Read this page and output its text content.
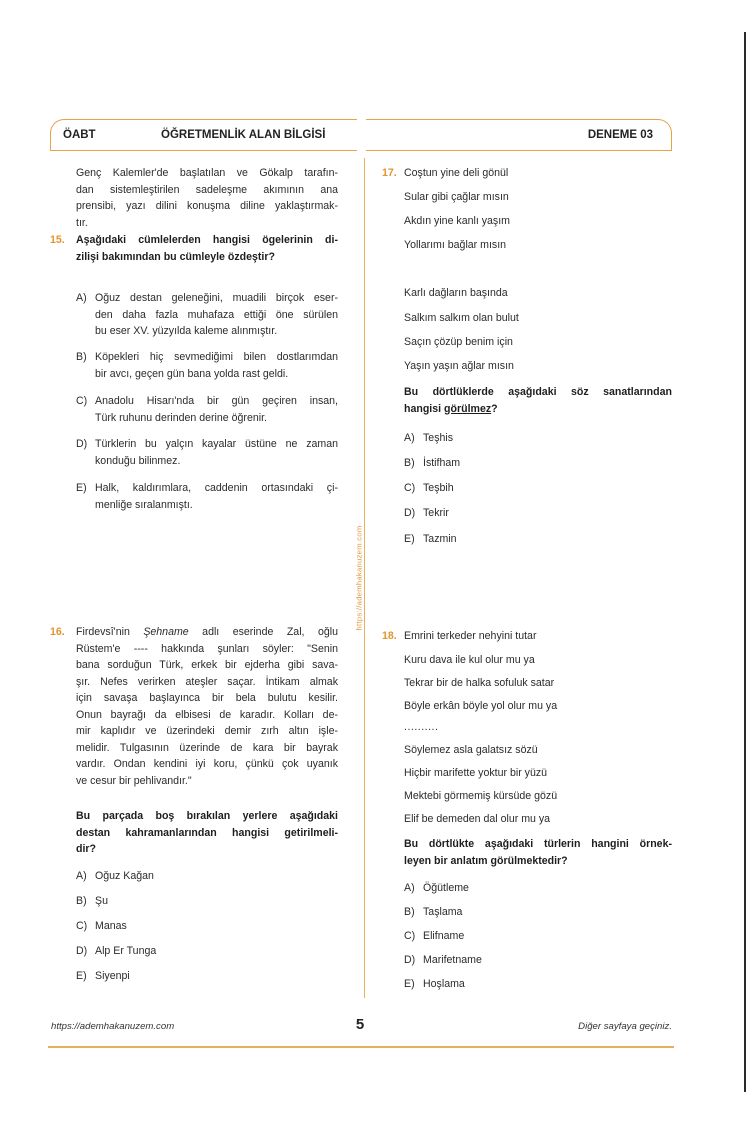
ÖABT	ÖĞRETMENLİK ALAN BİLGİSİ	DENEME 03
https://ademhakanuzem.com
Genç Kalemler'de başlatılan ve Gökalp tarafın-
dan sistemleştirilen sadeleşme akımının ana
prensibi, yazı dilini konuşma diline yaklaştırmak-
tır.
15. Aşağıdaki cümlelerden hangisi ögelerinin di-
zilişi bakımından bu cümleyle özdeştir?
A) Oğuz destan geleneğini, muadili birçok eser-
den daha fazla muhafaza ettiği öne sürülen
bu eser XV. yüzyılda kaleme alınmıştır.
B) Köpekleri hiç sevmediğimi bilen dostlarımdan
bir avcı, geçen gün bana yolda rast geldi.
C) Anadolu Hisarı'nda bir gün geçiren insan,
Türk ruhunu derinden derine öğrenir.
D) Türklerin bu yalçın kayalar üstüne ne zaman
konduğu bilinmez.
E) Halk, kaldırımlara, caddenin ortasındaki çi-
menliğe sıralanmıştı.
16. Firdevsî'nin Şehname adlı eserinde Zal, oğlu
Rüstem'e ---- hakkında şunları söyler: "Senin
bana sorduğun Türk, erkek bir ejderha gibi sava-
şır. Nefes verirken ateşler saçar. İntikam almak
için savaşa başlayınca bir bela bulutu kesilir.
Onun bayrağı da elbisesi de karadır. Kolları de-
mir kaplıdır ve üzerindeki demir zırh altın işle-
melidir. Tulgasının üzerinde de kara bir bayrak
vardır. Ondan kendini iyi koru, çünkü çok uyanık
ve cesur bir pehlivandır."
Bu parçada boş bırakılan yerlere aşağıdaki
destan kahramanlarından hangisi getirilmeli-
dir?
A) Oğuz Kağan
B) Şu
C) Manas
D) Alp Er Tunga
E) Siyenpi
17. Coştun yine deli gönül
Sular gibi çağlar mısın
Akdın yine kanlı yaşım
Yollarımı bağlar mısın
Karlı dağların başında
Salkım salkım olan bulut
Saçın çözüp benim için
Yaşın yaşın ağlar mısın
Bu dörtlüklerde aşağıdaki söz sanatlarından
hangisi görülmez?
A) Teşhis
B) İstifham
C) Teşbih
D) Tekrir
E) Tazmin
18. Emrini terkeder nehyini tutar
Kuru dava ile kul olur mu ya
Tekrar bir de halka sofuluk satar
Böyle erkân böyle yol olur mu ya
..........
Söylemez asla galatsız sözü
Hiçbir marifette yoktur bir yüzü
Mektebi görmemiş kürsüde gözü
Elif be demeden dal olur mu ya
Bu dörtlükte aşağıdaki türlerin hangini örnek-
leyen bir anlatım görülmektedir?
A) Öğütleme
B) Taşlama
C) Elifname
D) Marifetname
E) Hoşlama
https://ademhakanuzem.com	5	Diğer sayfaya geçiniz.
